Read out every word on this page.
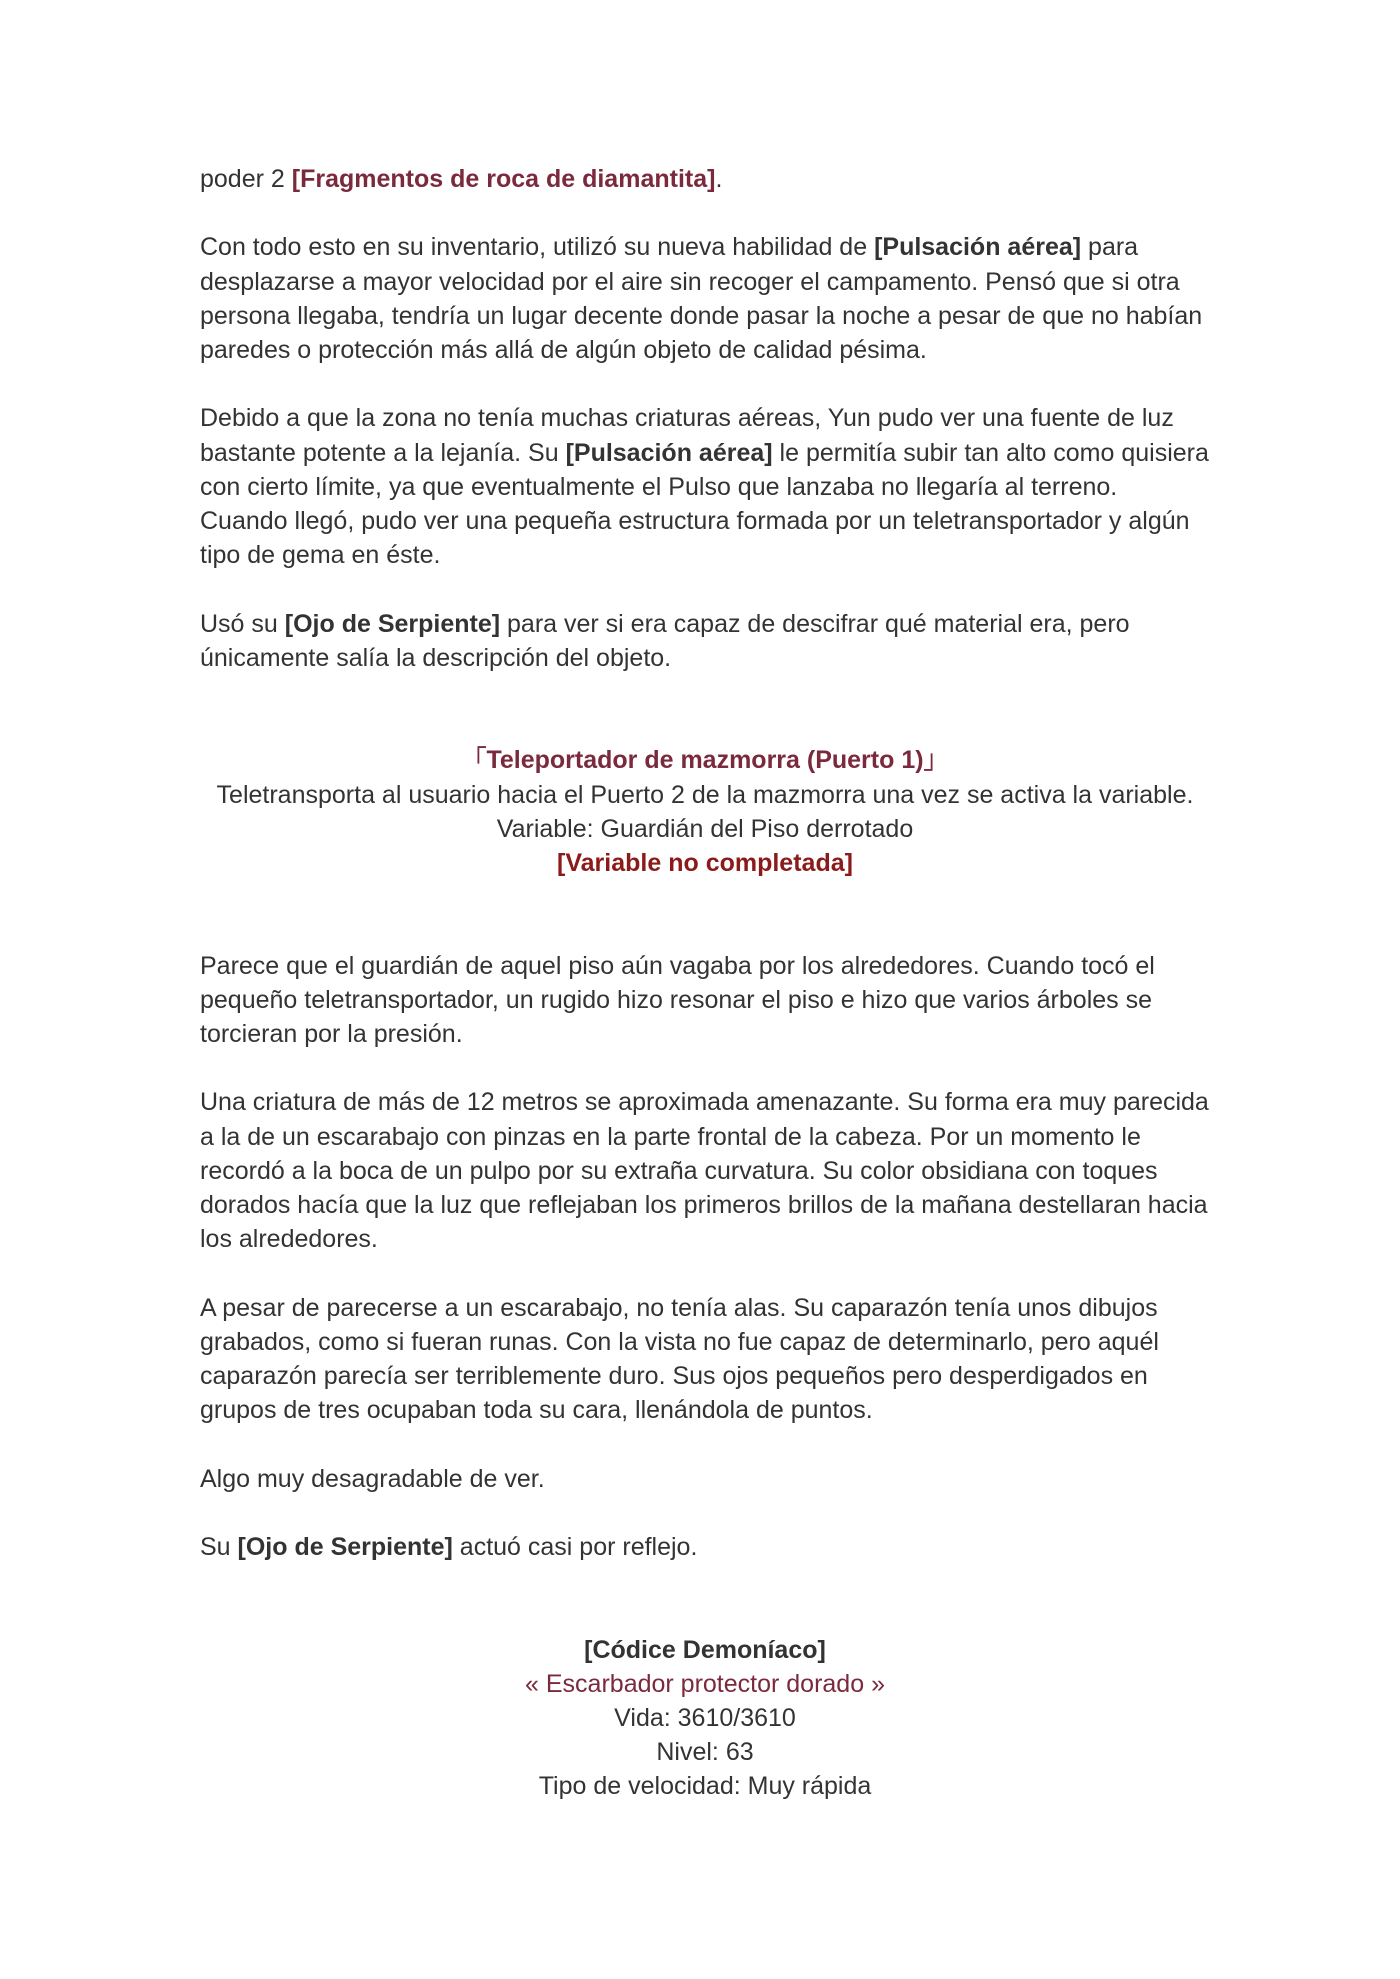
poder 2 [Fragmentos de roca de diamantita].

Con todo esto en su inventario, utilizó su nueva habilidad de [Pulsación aérea] para desplazarse a mayor velocidad por el aire sin recoger el campamento. Pensó que si otra persona llegaba, tendría un lugar decente donde pasar la noche a pesar de que no habían paredes o protección más allá de algún objeto de calidad pésima.

Debido a que la zona no tenía muchas criaturas aéreas, Yun pudo ver una fuente de luz bastante potente a la lejanía. Su [Pulsación aérea] le permitía subir tan alto como quisiera con cierto límite, ya que eventualmente el Pulso que lanzaba no llegaría al terreno. Cuando llegó, pudo ver una pequeña estructura formada por un teletransportador y algún tipo de gema en éste.

Usó su [Ojo de Serpiente] para ver si era capaz de descifrar qué material era, pero únicamente salía la descripción del objeto.

「Teleportador de mazmorra (Puerto 1)」
Teletransporta al usuario hacia el Puerto 2 de la mazmorra una vez se activa la variable.
Variable: Guardián del Piso derrotado
[Variable no completada]

Parece que el guardián de aquel piso aún vagaba por los alrededores. Cuando tocó el pequeño teletransportador, un rugido hizo resonar el piso e hizo que varios árboles se torcieran por la presión.

Una criatura de más de 12 metros se aproximada amenazante. Su forma era muy parecida a la de un escarabajo con pinzas en la parte frontal de la cabeza. Por un momento le recordó a la boca de un pulpo por su extraña curvatura. Su color obsidiana con toques dorados hacía que la luz que reflejaban los primeros brillos de la mañana destellaran hacia los alrededores.

A pesar de parecerse a un escarabajo, no tenía alas. Su caparazón tenía unos dibujos grabados, como si fueran runas. Con la vista no fue capaz de determinarlo, pero aquél caparazón parecía ser terriblemente duro. Sus ojos pequeños pero desperdigados en grupos de tres ocupaban toda su cara, llenándola de puntos.

Algo muy desagradable de ver.

Su [Ojo de Serpiente] actuó casi por reflejo.

[Códice Demoníaco]
« Escarbador protector dorado »
Vida: 3610/3610
Nivel: 63
Tipo de velocidad: Muy rápida
